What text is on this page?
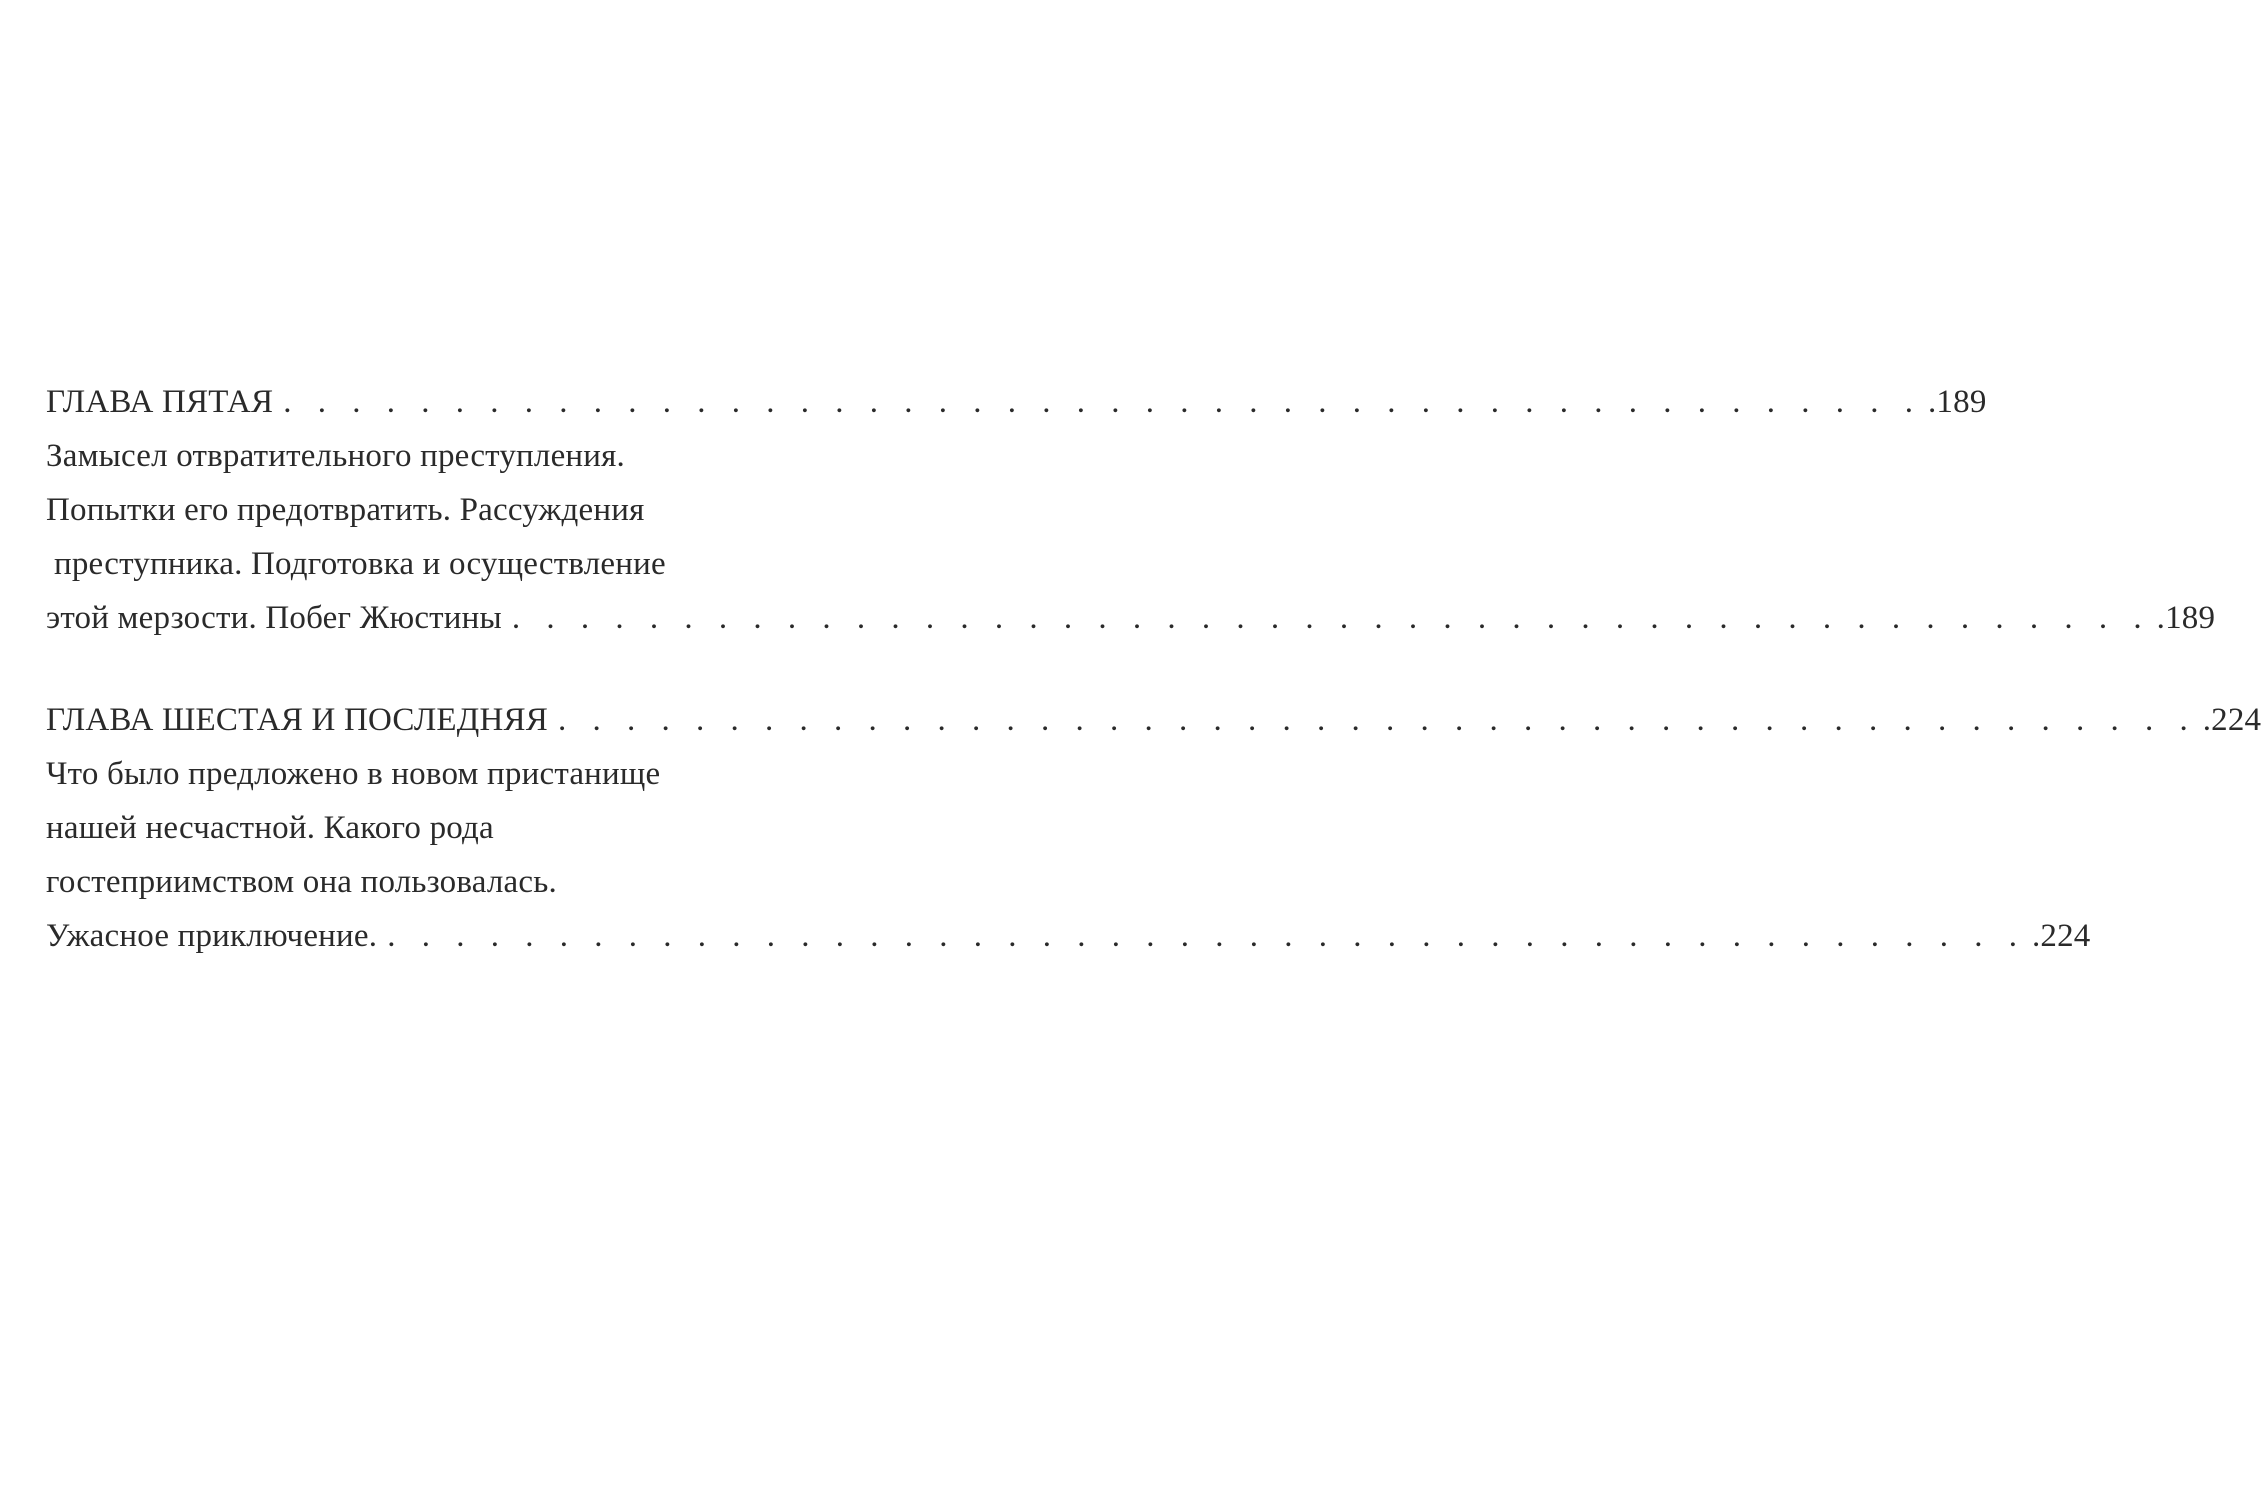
ГЛАВА ПЯТАЯ . . . . . . . . . . . . . . . . . . . . . . . . . . . . . . . . . . . . . . . . . . . . . . . . .189
Замысел отвратительного преступления.
Попытки его предотвратить. Рассуждения
преступника. Подготовка и осуществление
этой мерзости. Побег Жюстины . . . . . . . . . . . . . . . . . . . . . . . . . . . . . . . . . . . . . . . . . . . . . . . . .189
ГЛАВА ШЕСТАЯ И ПОСЛЕДНЯЯ . . . . . . . . . . . . . . . . . . . . . . . . . . . . . . . . . . . . . . . . . . . . . . . . .224
Что было предложено в новом пристанище
нашей несчастной. Какого рода
гостеприимством она пользовалась.
Ужасное приключение. . . . . . . . . . . . . . . . . . . . . . . . . . . . . . . . . . . . . . . . . . . . . . . . . .224
